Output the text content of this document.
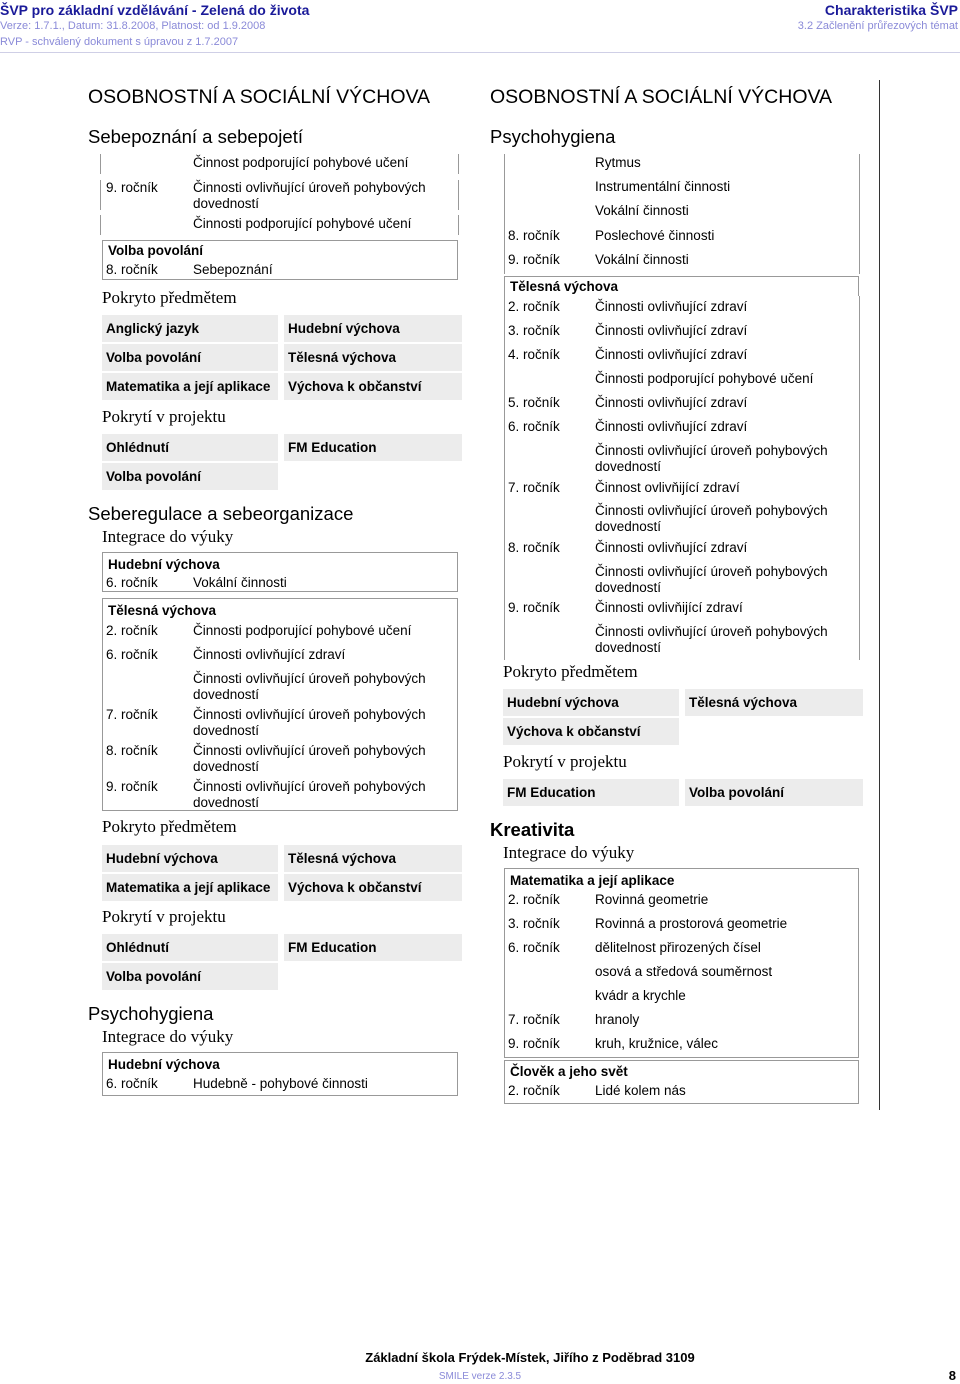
ŠVP pro základní vzdělávání - Zelená do života
Verze: 1.7.1., Datum: 31.8.2008, Platnost: od 1.9.2008
RVP - schválený dokument s úpravou z 1.7.2007
Charakteristika ŠVP
3.2 Začlenění průřezových témat
OSOBNOSTNÍ A SOCIÁLNÍ VÝCHOVA
Sebepoznání a sebepojetí
Činnost podporující pohybové učení
9. ročník	Činnosti ovlivňující úroveň pohybových dovedností
Činnosti podporující pohybové učení
Volba povolání
8. ročník	Sebepoznání
Pokryto předmětem
Anglický jazyk	Hudební výchova
Volba povolání	Tělesná výchova
Matematika a její aplikace	Výchova k občanství
Pokrytí v projektu
Ohlédnutí	FM Education
Volba povolání
Seberegulace a sebeorganizace
Integrace do výuky
Hudební výchova
6. ročník	Vokální činnosti
Tělesná výchova
2. ročník	Činnosti podporující pohybové učení
6. ročník	Činnosti ovlivňující zdraví
Činnosti ovlivňující úroveň pohybových dovedností
7. ročník	Činnosti ovlivňující úroveň pohybových dovedností
8. ročník	Činnosti ovlivňující úroveň pohybových dovedností
9. ročník	Činnosti ovlivňující úroveň pohybových dovedností
Pokryto předmětem
Hudební výchova	Tělesná výchova
Matematika a její aplikace	Výchova k občanství
Pokrytí v projektu
Ohlédnutí	FM Education
Volba povolání
Psychohygiena
Integrace do výuky
Hudební výchova
6. ročník	Hudebně - pohybové činnosti
OSOBNOSTNÍ A SOCIÁLNÍ VÝCHOVA
Psychohygiena
Rytmus
Instrumentální činnosti
Vokální činnosti
8. ročník	Poslechové činnosti
9. ročník	Vokální činnosti
Tělesná výchova
2. ročník	Činnosti ovlivňující zdraví
3. ročník	Činnosti ovlivňující zdraví
4. ročník	Činnosti ovlivňující zdraví
Činnosti podporující pohybové učení
5. ročník	Činnosti ovlivňující zdraví
6. ročník	Činnosti ovlivňující zdraví
Činnosti ovlivňující úroveň pohybových dovedností
7. ročník	Činnost ovlivňijící zdraví
Činnosti ovlivňující úroveň pohybových dovedností
8. ročník	Činnosti ovlivňující zdraví
Činnosti ovlivňující úroveň pohybových dovedností
9. ročník	Činnosti ovlivňijící zdraví
Činnosti ovlivňující úroveň pohybových dovedností
Pokryto předmětem
Hudební výchova	Tělesná výchova
Výchova k občanství
Pokrytí v projektu
FM Education	Volba povolání
Kreativita
Integrace do výuky
Matematika a její aplikace
2. ročník	Rovinná geometrie
3. ročník	Rovinná a prostorová geometrie
6. ročník	dělitelnost přirozených čísel
osová a středová souměrnost
kvádr a krychle
7. ročník	hranoly
9. ročník	kruh, kružnice, válec
Člověk a jeho svět
2. ročník	Lidé kolem nás
Základní škola Frýdek-Místek, Jiřího z Poděbrad 3109
SMILE verze 2.3.5	8
